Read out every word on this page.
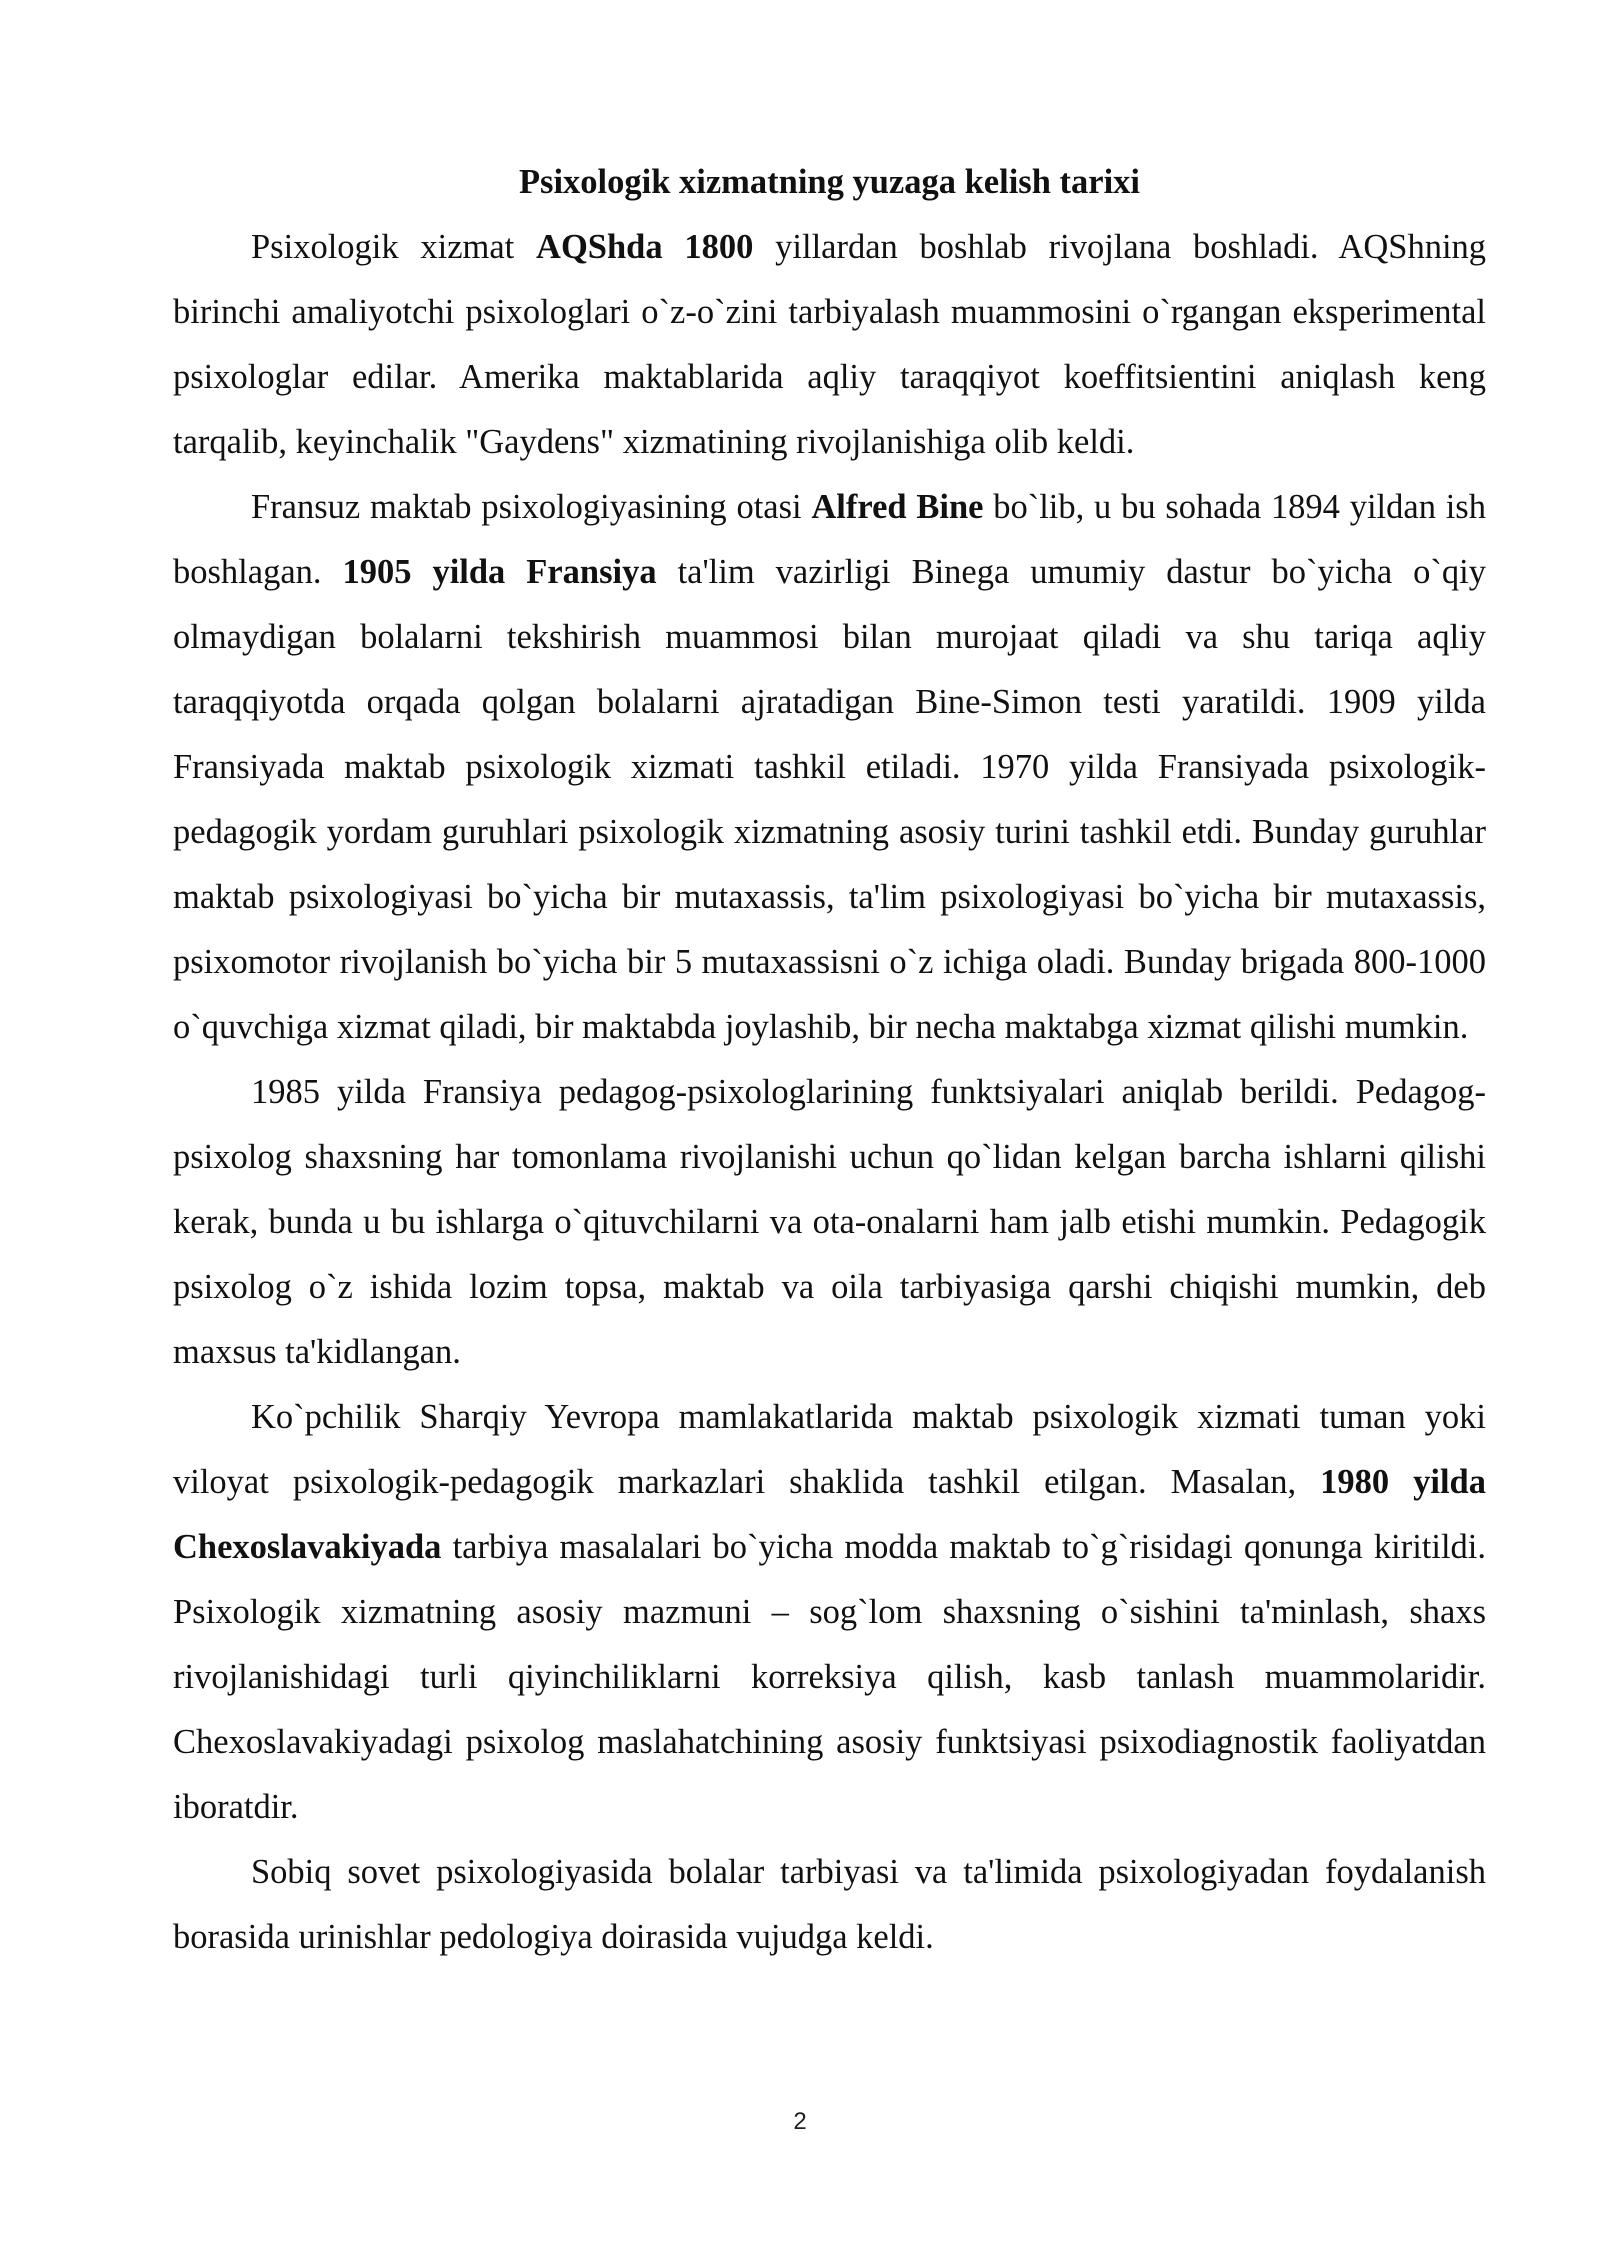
Psixologik xizmatning yuzaga kelish tarixi

Psixologik xizmat AQShda 1800 yillardan boshlab rivojlana boshladi. AQShning birinchi amaliyotchi psixologlari o`z-o`zini tarbiyalash muammosini o`rgangan eksperimental psixologlar edilar. Amerika maktablarida aqliy taraqqiyot koeffitsientini aniqlash keng tarqalib, keyinchalik "Gaydens" xizmatining rivojlanishiga olib keldi.

Fransuz maktab psixologiyasining otasi Alfred Bine bo`lib, u bu sohada 1894 yildan ish boshlagan. 1905 yilda Fransiya ta'lim vazirligi Binega umumiy dastur bo`yicha o`qiy olmaydigan bolalarni tekshirish muammosi bilan murojaat qiladi va shu tariqa aqliy taraqqiyotda orqada qolgan bolalarni ajratadigan Bine-Simon testi yaratildi. 1909 yilda Fransiyada maktab psixologik xizmati tashkil etiladi. 1970 yilda Fransiyada psixologik-pedagogik yordam guruhlari psixologik xizmatning asosiy turini tashkil etdi. Bunday guruhlar maktab psixologiyasi bo`yicha bir mutaxassis, ta'lim psixologiyasi bo`yicha bir mutaxassis, psixomotor rivojlanish bo`yicha bir 5 mutaxassisni o`z ichiga oladi. Bunday brigada 800-1000 o`quvchiga xizmat qiladi, bir maktabda joylashib, bir necha maktabga xizmat qilishi mumkin.

1985 yilda Fransiya pedagog-psixologlarining funktsiyalari aniqlab berildi. Pedagog-psixolog shaxsning har tomonlama rivojlanishi uchun qo`lidan kelgan barcha ishlarni qilishi kerak, bunda u bu ishlarga o`qituvchilarni va ota-onalarni ham jalb etishi mumkin. Pedagogik psixolog o`z ishida lozim topsa, maktab va oila tarbiyasiga qarshi chiqishi mumkin, deb maxsus ta'kidlangan.

Ko`pchilik Sharqiy Yevropa mamlakatlarida maktab psixologik xizmati tuman yoki viloyat psixologik-pedagogik markazlari shaklida tashkil etilgan. Masalan, 1980 yilda Chexoslavakiyada tarbiya masalalari bo`yicha modda maktab to`g`risidagi qonunga kiritildi. Psixologik xizmatning asosiy mazmuni – sog`lom shaxsning o`sishini ta'minlash, shaxs rivojlanishidagi turli qiyinchiliklarni korreksiya qilish, kasb tanlash muammolaridir. Chexoslavakiyadagi psixolog maslahatchining asosiy funktsiyasi psixodiagnostik faoliyatdan iboratdir.

Sobiq sovet psixologiyasida bolalar tarbiyasi va ta'limida psixologiyadan foydalanish borasida urinishlar pedologiya doirasida vujudga keldi.

2
